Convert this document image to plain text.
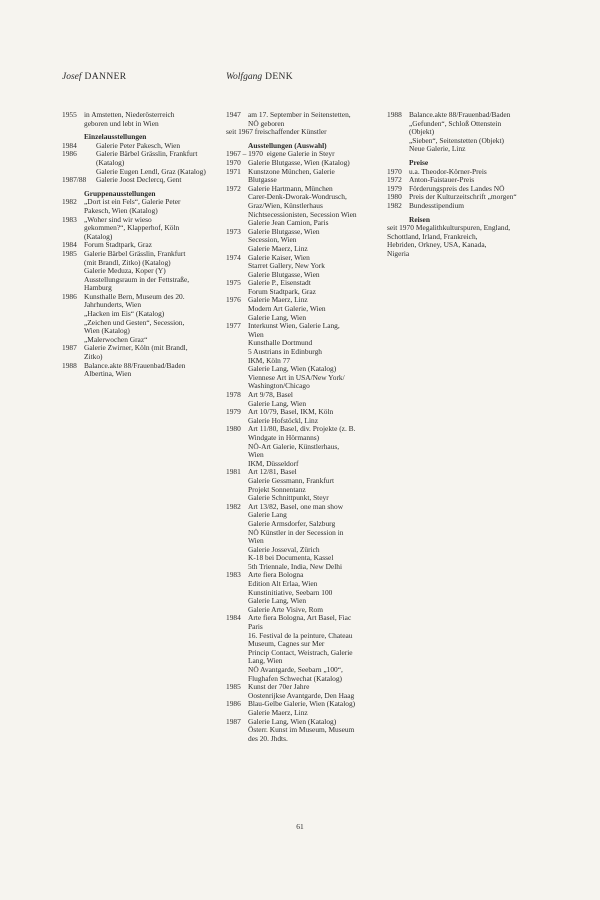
Josef DANNER	Wolfgang DENK
1955 in Amstetten, Niederösterreich
geboren und lebt in Wien
Einzelausstellungen
1984	Galerie Peter Pakesch, Wien
1986	Galerie Bärbel Grässlin, Frankfurt
(Katalog)
Galerie Eugen Lendl, Graz (Katalog)
1987/88	Galerie Joost Declercq, Gent
Gruppenausstellungen
1982 „Dort ist ein Fels“, Galerie Peter
Pakesch, Wien (Katalog)
1983 „Woher sind wir wieso
gekommen?“, Klapperhof, Köln
(Katalog)
1984 Forum Stadtpark, Graz
1985 Galerie Bärbel Grässlin, Frankfurt
(mit Brandl, Zitko) (Katalog)
Galerie Meduza, Koper (Y)
Ausstellungsraum in der Fettstraße,
Hamburg
1986 Kunsthalle Bern, Museum des 20.
Jahrhunderts, Wien
„Hacken im Eis“ (Katalog)
„Zeichen und Gesten“, Secession,
Wien (Katalog)
„Malerwochen Graz“
1987 Galerie Zwirner, Köln (mit Brandl,
Zitko)
1988 Balance.akte 88/Frauenbad/Baden
Albertina, Wien
1947 am 17. September in Seitenstetten,
NÖ geboren
seit 1967 freischaffender Künstler
Ausstellungen (Auswahl)
1967 – 1970  eigene Galerie in Steyr
1970 Galerie Blutgasse, Wien (Katalog)
1971 Kunstzone München, Galerie
Blutgasse
1972 Galerie Hartmann, München
Carer-Denk-Dworak-Wondrusch,
Graz/Wien, Künstlerhaus
Nichtsecessionisten, Secession Wien
Galerie Jean Camion, Paris
1973 Galerie Blutgasse, Wien
Secession, Wien
Galerie Maerz, Linz
1974 Galerie Kaiser, Wien
Starret Gallery, New York
Galerie Blutgasse, Wien
1975 Galerie P., Eisenstadt
Forum Stadtpark, Graz
1976 Galerie Maerz, Linz
Modern Art Galerie, Wien
Galerie Lang, Wien
1977 Interkunst Wien, Galerie Lang,
Wien
Kunsthalle Dortmund
5 Austrians in Edinburgh
IKM, Köln 77
Galerie Lang, Wien (Katalog)
Viennese Art in USA/New York/
Washington/Chicago
1978 Art 9/78, Basel
Galerie Lang, Wien
1979 Art 10/79, Basel, IKM, Köln
Galerie Hofstöckl, Linz
1980 Art 11/80, Basel, div. Projekte (z. B.
Windgate in Hörmanns)
NÖ-Art Galerie, Künstlerhaus,
Wien
IKM, Düsseldorf
1981 Art 12/81, Basel
Galerie Gessmann, Frankfurt
Projekt Sonnentanz
Galerie Schnittpunkt, Steyr
1982 Art 13/82, Basel, one man show
Galerie Lang
Galerie Armsdorfer, Salzburg
NÖ Künstler in der Secession in
Wien
Galerie Josseval, Zürich
K-18 bei Documenta, Kassel
5th Triennale, India, New Delhi
1983 Arte fiera Bologna
Edition Alt Erlaa, Wien
Kunstinitiative, Seebarn 100
Galerie Lang, Wien
Galerie Arte Visive, Rom
1984 Arte fiera Bologna, Art Basel, Fiac
Paris
16. Festival de la peinture, Chateau
Museum, Cagnes sur Mer
Princip Contact, Weistrach, Galerie
Lang, Wien
NÖ Avantgarde, Seebarn „100“,
Flughafen Schwechat (Katalog)
1985 Kunst der 70er Jahre
Oostenrijkse Avantgarde, Den Haag
1986 Blau-Gelbe Galerie, Wien (Katalog)
Galerie Maerz, Linz
1987 Galerie Lang, Wien (Katalog)
Österr. Kunst im Museum, Museum
des 20. Jhdts.
1988 Balance.akte 88/Frauenbad/Baden
„Gefunden“, Schloß Ottenstein
(Objekt)
„Sieben“, Seitenstetten (Objekt)
Neue Galerie, Linz
Preise
1970 u.a. Theodor-Körner-Preis
1972 Anton-Faistauer-Preis
1979 Förderungspreis des Landes NÖ
1980 Preis der Kulturzeitschrift „morgen“
1982 Bundesstipendium
Reisen
seit 1970 Megalithkulturspuren, England,
Schottland, Irland, Frankreich,
Hebriden, Orkney, USA, Kanada,
Nigeria
61
